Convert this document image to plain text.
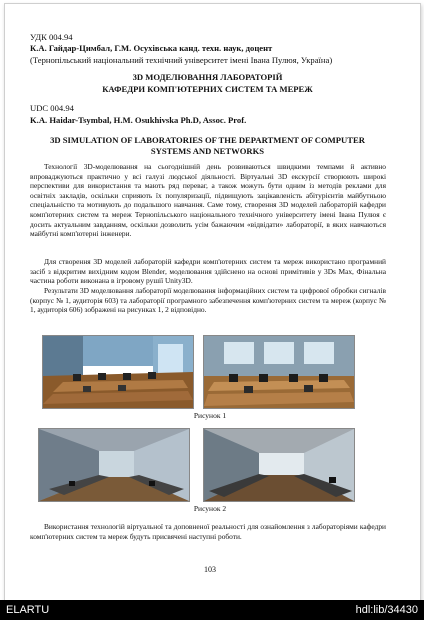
УДК 004.94
К.А. Гайдар-Цимбал, Г.М. Осухівська канд. техн. наук, доцент
(Тернопільський національний технічний університет імені Івана Пулюя, Україна)
3D МОДЕЛЮВАННЯ ЛАБОРАТОРІЙ
КАФЕДРИ КОМП'ЮТЕРНИХ СИСТЕМ ТА МЕРЕЖ
UDC 004.94
K.A. Haidar-Tsymbal, H.M. Osukhivska Ph.D, Assoc. Prof.
3D SIMULATION OF LABORATORIES OF THE DEPARTMENT OF COMPUTER SYSTEMS AND NETWORKS
Технології 3D-моделювання на сьогоднішній день розвиваються швидкими темпами й активно впроваджуються практично у всі галузі людської діяльності. Віртуальні 3D екскурсії створюють широкі перспективи для використання та мають ряд переваг, а також можуть бути одним із методів реклами для освітніх закладів, оскільки сприяють їх популяризації, підвищують зацікавленість абітурієнтів майбутньою спеціальністю та мотивують до подальшого навчання. Саме тому, створення 3D моделей лабораторій кафедри комп'ютерних систем та мереж Тернопільського національного технічного університету імені Івана Пулюя є досить актуальним завданням, оскільки дозволить усім бажаючим «відвідати» лабораторії, в яких навчаються майбутні комп'ютерні інженери.
Для створення 3D моделей лабораторій кафедри комп'ютерних систем та мереж використано програмний засіб з відкритим вихідним кодом Blender, моделювання здійснено на основі примітивів у 3Ds Max, Фінальна частина роботи виконана в ігровому рушії Unity3D.
Результати 3D моделювання лабораторії моделювання інформаційних систем та цифрової обробки сигналів (корпус № 1, аудиторія 603) та лабораторії програмного забезпечення комп'ютерних систем та мереж (корпус № 1, аудиторія 606) зображені на рисунках 1, 2 відповідно.
Рисунок 1
Рисунок 2
Використання технологій віртуальної та доповненої реальності для ознайомлення з лабораторіями кафедри комп'ютерних систем та мереж будуть присвячені наступні роботи.
103
ELARTU	hdl:lib/34430
